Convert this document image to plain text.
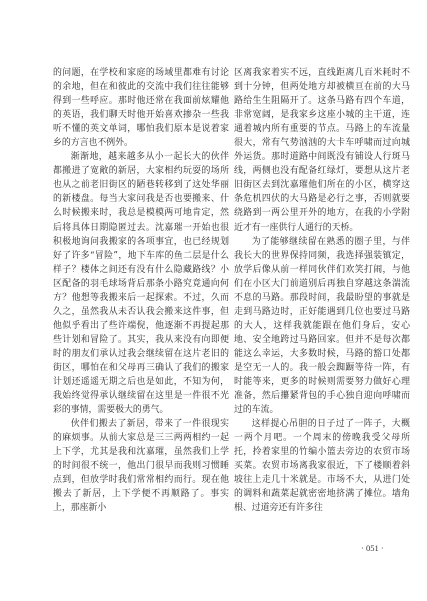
的问题，在学校和家庭的场域里都难有讨论的余地，但在和彼此的交流中我们往往能够得到一些呼应。那时他还常在我面前炫耀他的英语，我们聊天时他开始喜欢掺杂一些我听不懂的英文单词，哪怕我们原本是说着家乡的方言也不例外。

渐渐地，越来越多从小一起长大的伙伴都搬进了宽敞的新居，大家相约玩耍的场所也从之前老旧街区的陋巷转移到了这处华丽的新楼盘。每当大家问我是否也要搬来、什么时候搬来时，我总是模模两可地肯定，然后将具体日期隐匿过去。沈嘉璀一开始也很积极地询问我搬家的各项事宜，也已经规划好了许多“冒险”，地下车库的鱼二层是什么样子？楼体之间还有没有什么隐藏路线？小区配备的羽毛球场背后那条小路究竟通向何方？他想等我搬来后一起探索。不过，久而久之，虽然我从未否认我会搬来这件事，但他似乎看出了些许端倪，他逐渐不再提起那些计划和冒险了。其实，我从来没有向即便时的朋友们承认过我会继续留在这片老旧的街区，哪怕在和父母再三确认了我们的搬家计划还遥遥无期之后也是如此，不知为何，我始终觉得承认继续留在这里是一件很不光彩的事情，需要极大的勇气。

伙伴们搬去了新居，带来了一件很现实的麻烦事。从前大家总是三三两两相约一起上下学，尤其是我和沈嘉璀，虽然我们上学的时间很不统一，他出门很早而我则习惯睡点到，但放学时我们常常相约而行。现在他搬去了新居，上下学便不再顺路了。事实上，那座新小

区离我家着实不远，直线距离几百米耗时不到十分钟，但两处地方却被横亘在前的大马路给生生阻隔开了。这条马路有四个车道，非常宽阔，是我家乡这座小城的主干道，连通着城内所有重要的节点。马路上的车流量很大，常有气势汹汹的大卡车呼啸而过向城外运货。那时道路中间既没有铺设人行斑马线，两侧也没有配备红绿灯，要想从这片老旧街区去到沈嘉璀他们所在的小区，横穿这条危机四伏的大马路是必行之事，否则就要绕路到一两公里开外的地方，在我的小学附近才有一座供行人通行的天桥。

为了能够继续留在熟悉的圈子里，与伴我长大的世界保持同频，我选择强装镇定，放学后像从前一样同伙伴们欢笑打闹，与他们在小区大门前道别后再独自穿越这条湍流不息的马路。那段时间，我最盼望的事就是走到马路边时，正好能遇到几位也要过马路的大人，这样我就能跟在他们身后，安心地、安全地跨过马路回家。但并不是每次都能这么幸运，大多数时候，马路的豁口处都是空无一人的。我一般会踟蹰等待一阵，有时能等来，更多的时候则需要努力做好心理准备，然后攥紧背包的手心独自迎向呼啸而过的车流。

这样提心吊胆的日子过了一阵子，大概一两个月吧。一个周末的傍晚我受父母所托，拎着家里的竹编小篮去旁边的农贸市场买菜。农贸市场离我家很近，下了楼顺着斜坡往上走几十米就是。市场不大，从进门处的调料和蔬菜起就密密地挤满了摊位。墙角根、过道旁还有许多往

· 051 ·
